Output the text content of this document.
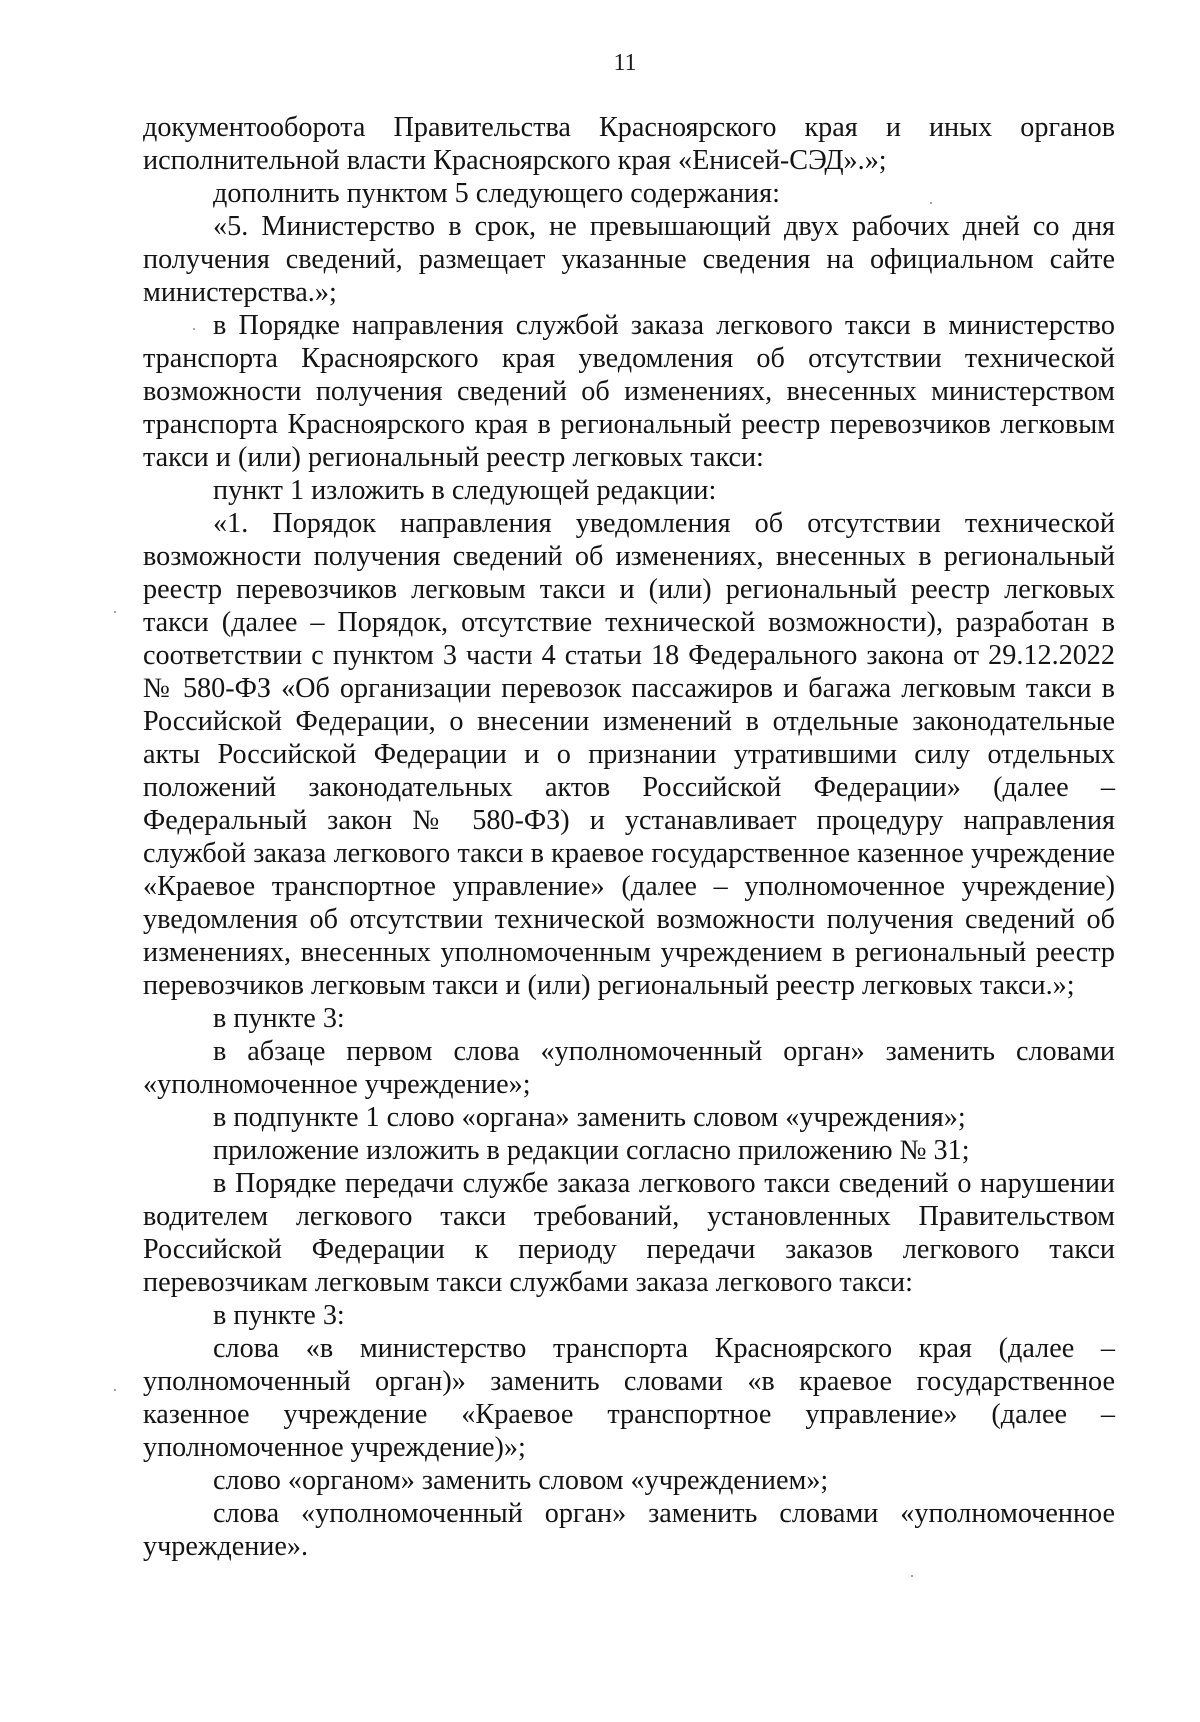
11

документооборота Правительства Красноярского края и иных органов исполнительной власти Красноярского края «Енисей-СЭД».»;

дополнить пунктом 5 следующего содержания:

«5. Министерство в срок, не превышающий двух рабочих дней со дня получения сведений, размещает указанные сведения на официальном сайте министерства.»;

в Порядке направления службой заказа легкового такси в министерство транспорта Красноярского края уведомления об отсутствии технической возможности получения сведений об изменениях, внесенных министерством транспорта Красноярского края в региональный реестр перевозчиков легковым такси и (или) региональный реестр легковых такси:

пункт 1 изложить в следующей редакции:

«1. Порядок направления уведомления об отсутствии технической возможности получения сведений об изменениях, внесенных в региональный реестр перевозчиков легковым такси и (или) региональный реестр легковых такси (далее – Порядок, отсутствие технической возможности), разработан в соответствии с пунктом 3 части 4 статьи 18 Федерального закона от 29.12.2022 № 580-ФЗ «Об организации перевозок пассажиров и багажа легковым такси в Российской Федерации, о внесении изменений в отдельные законодательные акты Российской Федерации и о признании утратившими силу отдельных положений законодательных актов Российской Федерации» (далее – Федеральный закон № 580-ФЗ) и устанавливает процедуру направления службой заказа легкового такси в краевое государственное казенное учреждение «Краевое транспортное управление» (далее – уполномоченное учреждение) уведомления об отсутствии технической возможности получения сведений об изменениях, внесенных уполномоченным учреждением в региональный реестр перевозчиков легковым такси и (или) региональный реестр легковых такси.»;

в пункте 3:

в абзаце первом слова «уполномоченный орган» заменить словами «уполномоченное учреждение»;

в подпункте 1 слово «органа» заменить словом «учреждения»;

приложение изложить в редакции согласно приложению № 31;

в Порядке передачи службе заказа легкового такси сведений о нарушении водителем легкового такси требований, установленных Правительством Российской Федерации к периоду передачи заказов легкового такси перевозчикам легковым такси службами заказа легкового такси:

в пункте 3:

слова «в министерство транспорта Красноярского края (далее – уполномоченный орган)» заменить словами «в краевое государственное казенное учреждение «Краевое транспортное управление» (далее – уполномоченное учреждение)»;

слово «органом» заменить словом «учреждением»;

слова «уполномоченный орган» заменить словами «уполномоченное учреждение».
